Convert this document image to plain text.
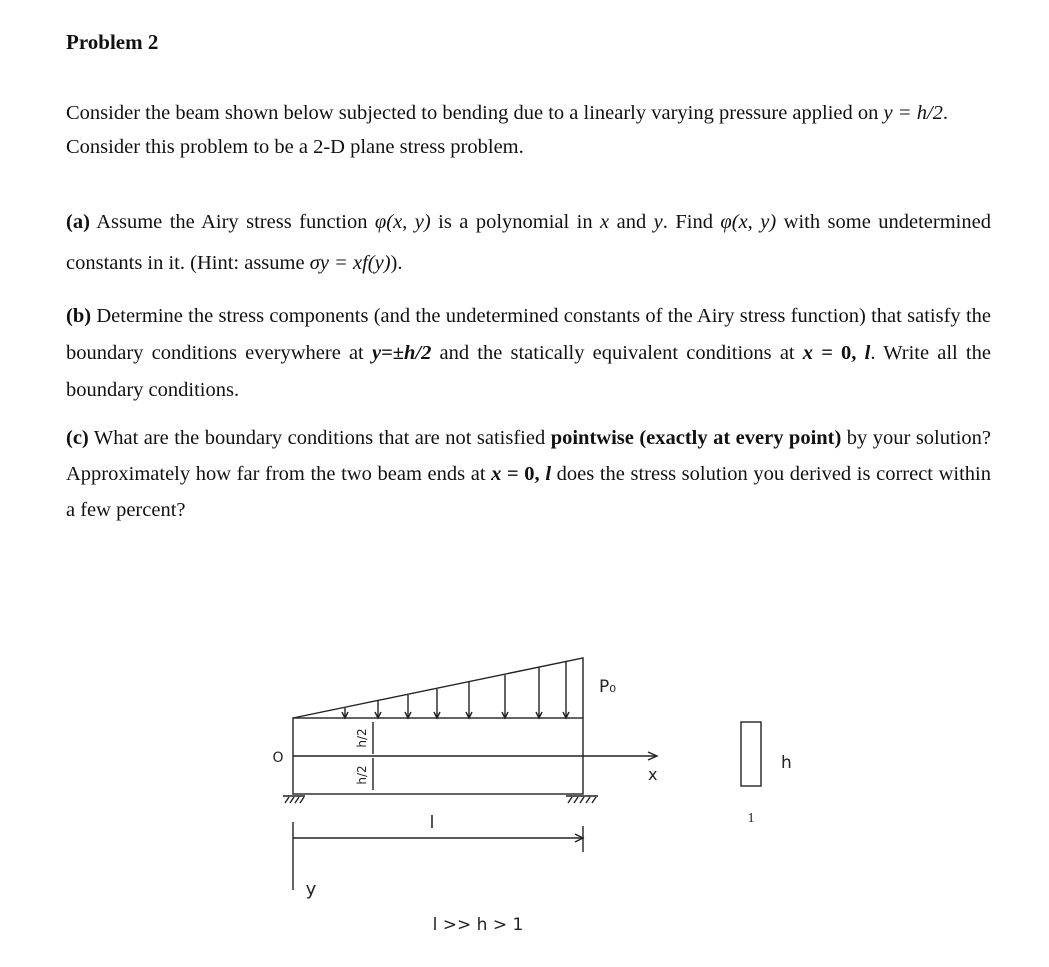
Problem 2
Consider the beam shown below subjected to bending due to a linearly varying pressure applied on y = h/2. Consider this problem to be a 2-D plane stress problem.
(a) Assume the Airy stress function φ(x, y) is a polynomial in x and y. Find φ(x, y) with some undetermined constants in it. (Hint: assume σy = xf(y)).
(b) Determine the stress components (and the undetermined constants of the Airy stress function) that satisfy the boundary conditions everywhere at y=±h/2 and the statically equivalent conditions at x = 0, l. Write all the boundary conditions.
(c) What are the boundary conditions that are not satisfied pointwise (exactly at every point) by your solution? Approximately how far from the two beam ends at x = 0, l does the stress solution you derived is correct within a few percent?
O
P₀
x
y
l
h/2
h/2
h
1
l >> h > 1
